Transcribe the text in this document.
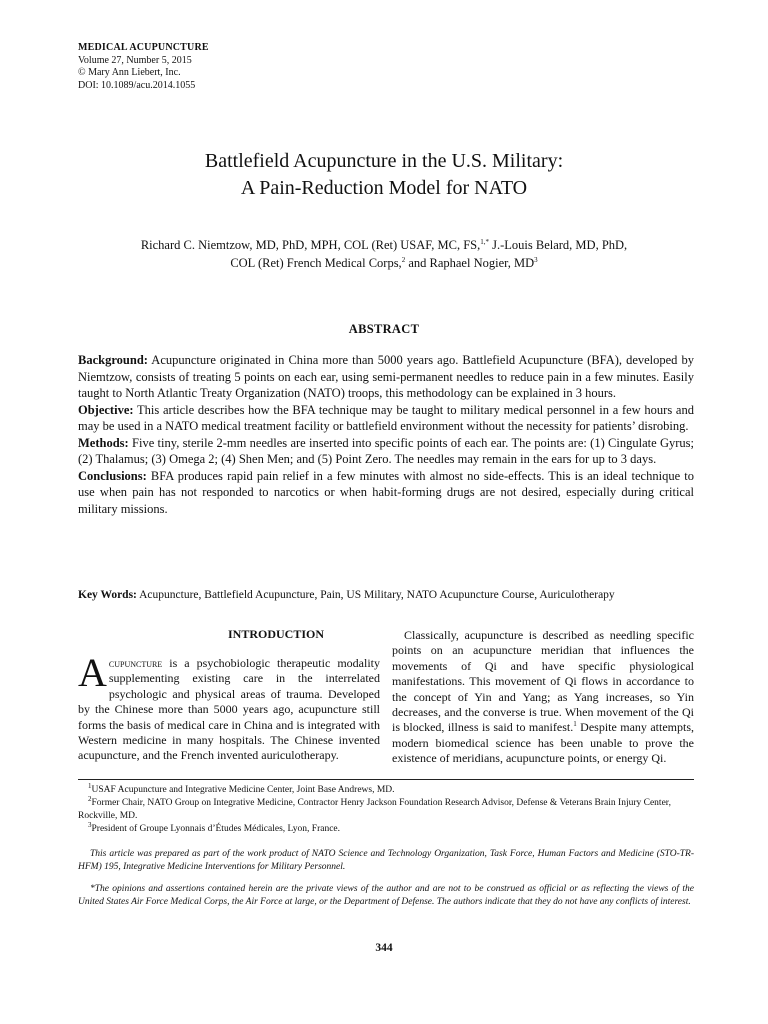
MEDICAL ACUPUNCTURE
Volume 27, Number 5, 2015
© Mary Ann Liebert, Inc.
DOI: 10.1089/acu.2014.1055
Battlefield Acupuncture in the U.S. Military:
A Pain-Reduction Model for NATO
Richard C. Niemtzow, MD, PhD, MPH, COL (Ret) USAF, MC, FS,$^{1,*}$ J.-Louis Belard, MD, PhD,
COL (Ret) French Medical Corps,$^2$ and Raphael Nogier, $MD^3$
ABSTRACT

Background: Acupuncture originated in China more than 5000 years ago. Battlefield Acupuncture (BFA), developed by Niemtzow, consists of treating 5 points on each ear, using semi-permanent needles to reduce pain in a few minutes. Easily taught to North Atlantic Treaty Organization (NATO) troops, this methodology can be explained in 3 hours.

Objective: This article describes how the BFA technique may be taught to military medical personnel in a few hours and may be used in a NATO medical treatment facility or battlefield environment without the necessity for patients’ disrobing.

Methods: Five tiny, sterile 2-mm needles are inserted into specific points of each ear. The points are: (1) Cingulate Gyrus; (2) Thalamus; (3) Omega 2; (4) Shen Men; and (5) Point Zero. The needles may remain in the ears for up to 3 days.

Conclusions: BFA produces rapid pain relief in a few minutes with almost no side-effects. This is an ideal technique to use when pain has not responded to narcotics or when habit-forming drugs are not desired, especially during critical military missions.

Key Words: Acupuncture, Battlefield Acupuncture, Pain, US Military, NATO Acupuncture Course, Auriculotherapy
INTRODUCTION
Acupuncture is a psychobiologic therapeutic modality supplementing existing care in the interrelated psychologic and physical areas of trauma. Developed by the Chinese more than 5000 years ago, acupuncture still forms the basis of medical care in China and is integrated with Western medicine in many hospitals. The Chinese invented acupuncture, and the French invented auriculotherapy.
Classically, acupuncture is described as needling specific points on an acupuncture meridian that influences the movements of Qi and have specific physiological manifestations. This movement of Qi flows in accordance to the concept of Yin and Yang; as Yang increases, so Yin decreases, and the converse is true. When movement of the Qi is blocked, illness is said to manifest.$^1$ Despite many attempts, modern biomedical science has been unable to prove the existence of meridians, acupuncture points, or energy Qi.

$^1$USAF Acupuncture and Integrative Medicine Center, Joint Base Andrews, MD.

$^2$Former Chair, NATO Group on Integrative Medicine, Contractor Henry Jackson Foundation Research Advisor, Defense & Veterans Brain Injury Center, Rockville, MD.

$^3$President of Groupe Lyonnais d’Études Médicales, Lyon, France.

This article was prepared as part of the work product of NATO Science and Technology Organization, Task Force, Human Factors and Medicine (STO-TR-HFM) 195, Integrative Medicine Interventions for Military Personnel.
*The opinions and assertions contained herein are the private views of the author and are not to be construed as official or as reflecting the views of the United States Air Force Medical Corps, the Air Force at large, or the Department of Defense. The authors indicate that they do not have any conflicts of interest.
344
